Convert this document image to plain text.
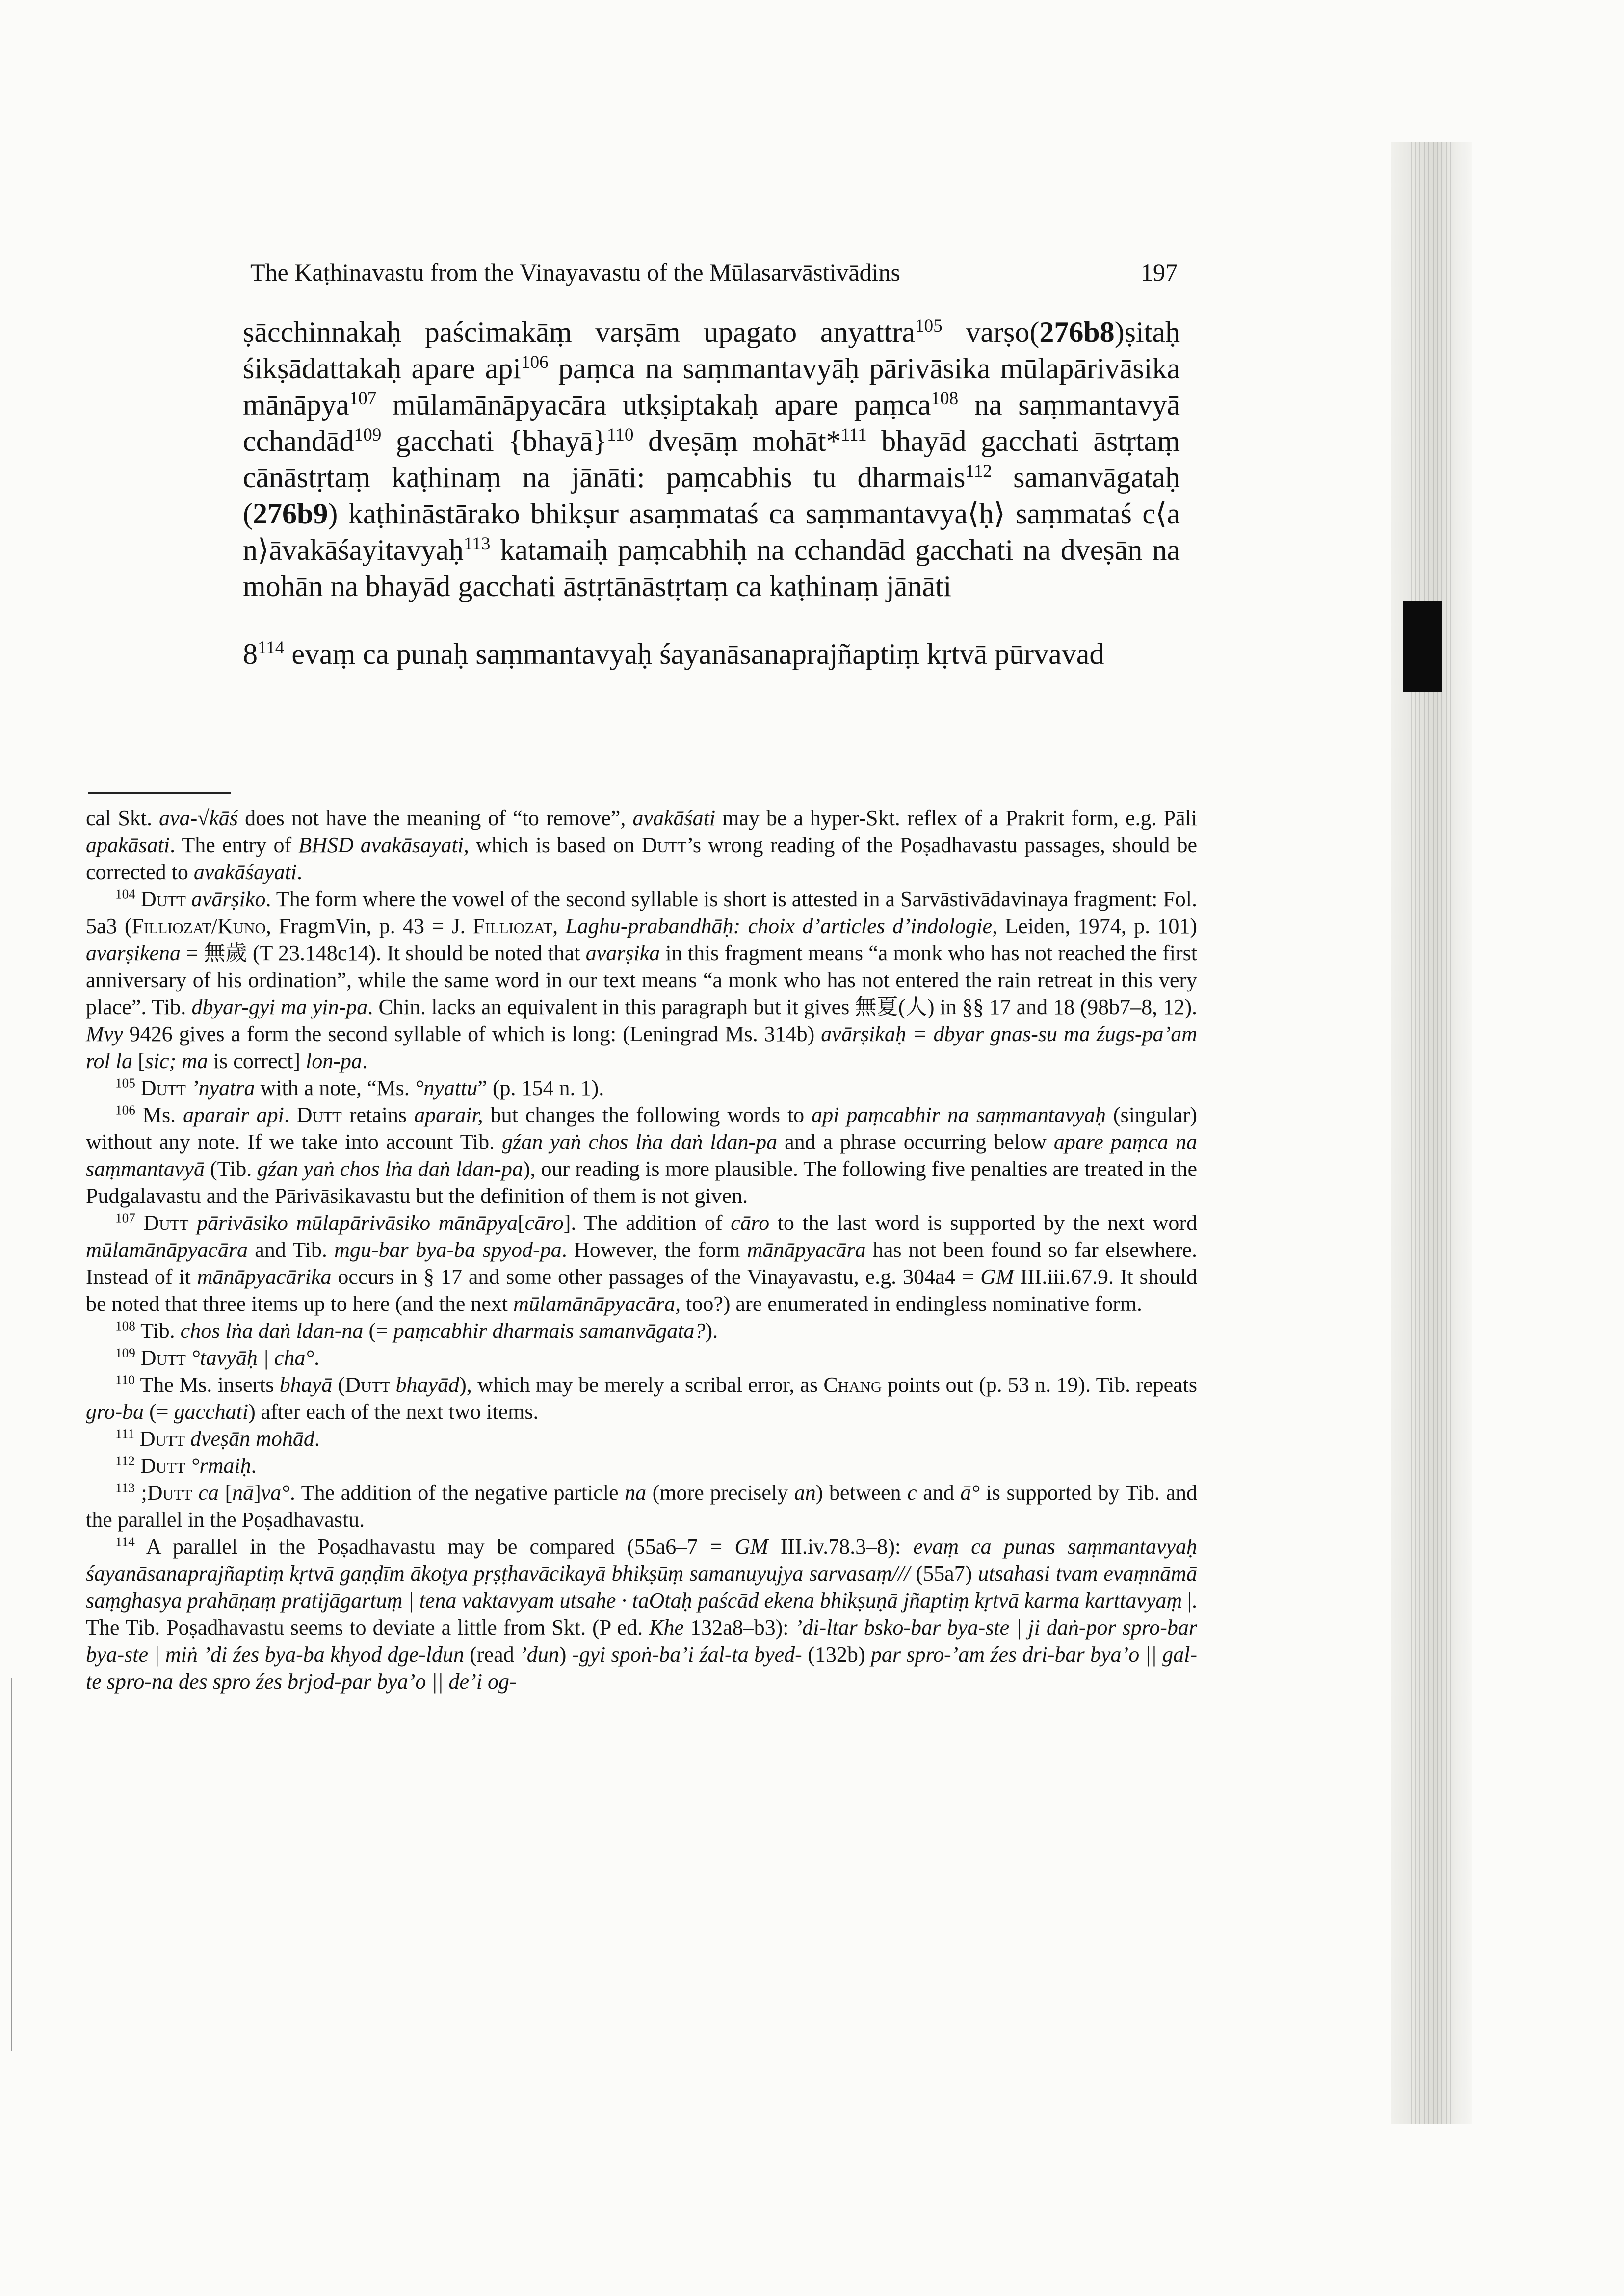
The Kaṭhinavastu from the Vinayavastu of the Mūlasarvāstivādins	197

ṣācchinnakaḥ paścimakāṃ varṣām upagato anyattra$^{105}$ varṣo(276b8)ṣitaḥ śikṣādattakaḥ apare api$^{106}$ paṃca na saṃmantavyāḥ pārivāsika mūlapārivāsika mānāpya$^{107}$ mūlamānāpyacāra utkṣiptakaḥ apare paṃca$^{108}$ na saṃmantavyā cchandād$^{109}$ gacchati {bhayā}$^{110}$ dveṣāṃ mohāt*$^{111}$ bhayād gacchati āstṛtaṃ cānāstṛtaṃ kaṭhinaṃ na jānāti: paṃcabhis tu dharmais$^{112}$ samanvāgataḥ (276b9) kaṭhināstārako bhikṣur asaṃmataś ca saṃmantavya⟨ḥ⟩ saṃmataś c⟨a n⟩āvakāśayitavyaḥ$^{113}$ katamaiḥ paṃcabhiḥ na cchandād gacchati na dveṣān na mohān na bhayād gacchati āstṛtānāstṛtaṃ ca kaṭhinaṃ jānāti

$8^{114}$ evaṃ ca punaḥ saṃmantavyaḥ śayanāsanaprajñaptiṃ kṛtvā pūrvavad

cal Skt. ava-√kāś does not have the meaning of “to remove”, avakāśati may be a hyper-Skt. reflex of a Prakrit form, e.g. Pāli apakāsati. The entry of BHSD avakāsayati, which is based on Dutt’s wrong reading of the Poṣadhavastu passages, should be corrected to avakāśayati.

$^{104}$ Dutt avārṣiko. The form where the vowel of the second syllable is short is attested in a Sarvāstivādavinaya fragment: Fol. 5a3 (Filliozat/Kuno, FragmVin, p. 43 = J. Filliozat, Laghu-prabandhāḥ: choix d’articles d’indologie, Leiden, 1974, p. 101) avarṣikena = 無歲 (T 23.148c14). It should be noted that avarṣika in this fragment means “a monk who has not reached the first anniversary of his ordination”, while the same word in our text means “a monk who has not entered the rain retreat in this very place”. Tib. dbyar-gyi ma yin-pa. Chin. lacks an equivalent in this paragraph but it gives 無夏(人) in §§ 17 and 18 (98b7–8, 12). Mvy 9426 gives a form the second syllable of which is long: (Leningrad Ms. 314b) avārṣikaḥ = dbyar gnas-su ma źugs-pa’am rol la [sic; ma is correct] lon-pa.

$^{105}$ Dutt ’nyatra with a note, “Ms. °nyattu” (p. 154 n. 1).

$^{106}$ Ms. aparair api. Dutt retains aparair, but changes the following words to api paṃcabhir na saṃmantavyaḥ (singular) without any note. If we take into account Tib. gźan yaṅ chos lṅa daṅ ldan-pa and a phrase occurring below apare paṃca na saṃmantavyā (Tib. gźan yaṅ chos lṅa daṅ ldan-pa), our reading is more plausible. The following five penalties are treated in the Pudgalavastu and the Pārivāsikavastu but the definition of them is not given.

$^{107}$ Dutt pārivāsiko mūlapārivāsiko mānāpya[cāro]. The addition of cāro to the last word is supported by the next word mūlamānāpyacāra and Tib. mgu-bar bya-ba spyod-pa. However, the form mānāpyacāra has not been found so far elsewhere. Instead of it mānāpyacārika occurs in § 17 and some other passages of the Vinayavastu, e.g. 304a4 = GM III.iii.67.9. It should be noted that three items up to here (and the next mūlamānāpyacāra, too?) are enumerated in endingless nominative form.

$^{108}$ Tib. chos lṅa daṅ ldan-na (= paṃcabhir dharmais samanvāgata?).

$^{109}$ Dutt °tavyāḥ | cha°.

$^{110}$ The Ms. inserts bhayā (Dutt bhayād), which may be merely a scribal error, as Chang points out (p. 53 n. 19). Tib. repeats gro-ba (= gacchati) after each of the next two items.

$^{111}$ Dutt dveṣān mohād.

$^{112}$ Dutt °rmaiḥ.

$^{113}$ ;Dutt ca [nā]va°. The addition of the negative particle na (more precisely an) between c and ā° is supported by Tib. and the parallel in the Poṣadhavastu.

$^{114}$ A parallel in the Poṣadhavastu may be compared (55a6–7 = GM III.iv.78.3–8): evaṃ ca punas saṃmantavyaḥ śayanāsanaprajñaptiṃ kṛtvā gaṇḍīm ākoṭya pṛṣṭhavācikayā bhikṣūṃ samanuyujya sarvasaṃ/// (55a7) utsahasi tvam evaṃnāmā saṃghasya prahāṇaṃ pratijāgartuṃ | tena vaktavyam utsahe · taOtaḥ paścād ekena bhikṣuṇā jñaptiṃ kṛtvā karma karttavyaṃ |. The Tib. Poṣadhavastu seems to deviate a little from Skt. (P ed. Khe 132a8–b3): ’di-ltar bsko-bar bya-ste | ji daṅ-por spro-bar bya-ste | miṅ ’di źes bya-ba khyod dge-ldun (read ’dun) -gyi spoṅ-ba’i źal-ta byed- (132b) par spro-’am źes dri-bar bya’o || gal-te spro-na des spro źes brjod-par bya’o || de’i og-
